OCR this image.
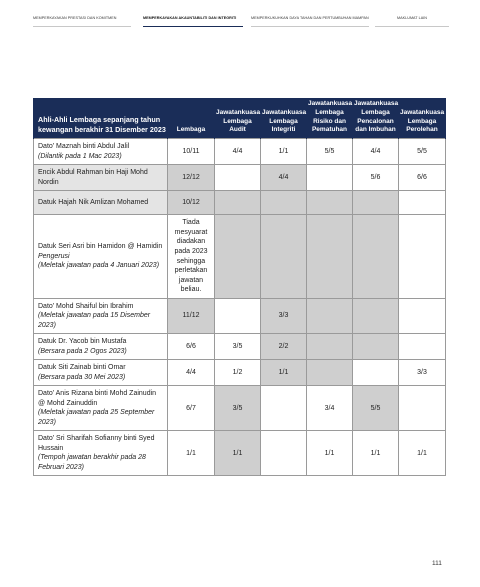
MEMPERKAYAKAN PRESTASI DAN KOMITMEN	MEMPERKAYAKAN AKAUNTABILITI DAN INTEGRITI	MEMPERKUKUHKAN DAYA TAHAN DAN PERTUMBUHAN MAMPAN	MAKLUMAT LAIN
Ahli-Ahli Lembaga sepanjang tahun kewangan berakhir 31 Disember 2023	Lembaga	Jawatankuasa Lembaga Audit	Jawatankuasa Lembaga Integriti	Jawatankuasa Lembaga Risiko dan Pematuhan	Jawatankuasa Lembaga Pencalonan dan Imbuhan	Jawatankuasa Lembaga Perolehan

Dato’ Maznah binti Abdul Jalil
(Dilantik pada 1 Mac 2023)	10/11	4/4	1/1	5/5	4/4	5/5

Encik Abdul Rahman bin Haji Mohd Nordin	12/12		4/4		5/6	6/6

Datuk Hajah Nik Amlizan Mohamed	10/12					

Datuk Seri Asri bin Hamidon @ Hamidin
Pengerusi
(Meletak jawatan pada 4 Januari 2023)	Tiada mesyuarat diadakan pada 2023 sehingga perletakan jawatan beliau.					

Dato’ Mohd Shaiful bin Ibrahim
(Meletak jawatan pada 15 Disember 2023)	11/12		3/3			

Datuk Dr. Yacob bin Mustafa
(Bersara pada 2 Ogos 2023)	6/6	3/5	2/2			

Datuk Siti Zainab binti Omar
(Bersara pada 30 Mei 2023)	4/4	1/2	1/1			3/3

Dato’ Anis Rizana binti Mohd Zainudin @ Mohd Zainuddin
(Meletak jawatan pada 25 September 2023)	6/7	3/5		3/4	5/5	

Dato’ Sri Sharifah Sofianny binti Syed Hussain
(Tempoh jawatan berakhir pada 28 Februari 2023)	1/1	1/1		1/1	1/1	1/1
111
